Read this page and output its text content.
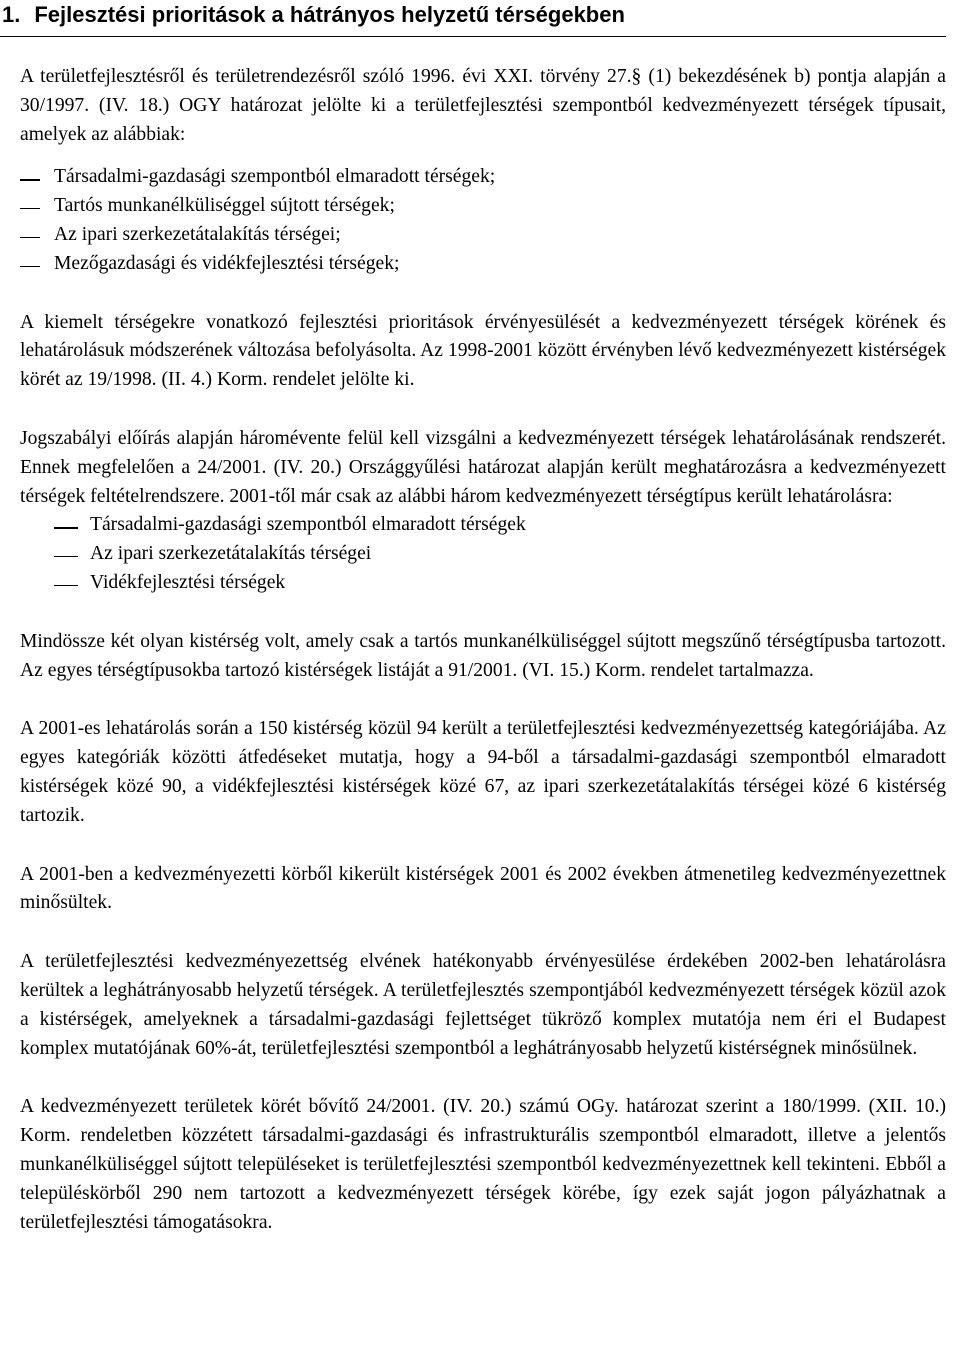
1. Fejlesztési prioritások a hátrányos helyzetű térségekben

A területfejlesztésről és területrendezésről szóló 1996. évi XXI. törvény 27.§ (1) bekezdésének b) pontja alapján a 30/1997. (IV. 18.) OGY határozat jelölte ki a területfejlesztési szempontból kedvezményezett térségek típusait, amelyek az alábbiak:

Társadalmi-gazdasági szempontból elmaradott térségek;
Tartós munkanélküliséggel sújtott térségek;
Az ipari szerkezetátalakítás térségei;
Mezőgazdasági és vidékfejlesztési térségek;

A kiemelt térségekre vonatkozó fejlesztési prioritások érvényesülését a kedvezményezett térségek körének és lehatárolásuk módszerének változása befolyásolta. Az 1998-2001 között érvényben lévő kedvezményezett kistérségek körét az 19/1998. (II. 4.) Korm. rendelet jelölte ki.

Jogszabályi előírás alapján háromévente felül kell vizsgálni a kedvezményezett térségek lehatárolásának rendszerét. Ennek megfelelően a 24/2001. (IV. 20.) Országgyűlési határozat alapján került meghatározásra a kedvezményezett térségek feltételrendszere. 2001-től már csak az alábbi három kedvezményezett térségtípus került lehatárolásra:

Társadalmi-gazdasági szempontból elmaradott térségek
Az ipari szerkezetátalakítás térségei
Vidékfejlesztési térségek

Mindössze két olyan kistérség volt, amely csak a tartós munkanélküliséggel sújtott megszűnő térségtípusba tartozott. Az egyes térségtípusokba tartozó kistérségek listáját a 91/2001. (VI. 15.) Korm. rendelet tartalmazza.

A 2001-es lehatárolás során a 150 kistérség közül 94 került a területfejlesztési kedvezményezettség kategóriájába. Az egyes kategóriák közötti átfedéseket mutatja, hogy a 94-ből a társadalmi-gazdasági szempontból elmaradott kistérségek közé 90, a vidékfejlesztési kistérségek közé 67, az ipari szerkezetátalakítás térségei közé 6 kistérség tartozik.

A 2001-ben a kedvezményezetti körből kikerült kistérségek 2001 és 2002 években átmenetileg kedvezményezettnek minősültek.

A területfejlesztési kedvezményezettség elvének hatékonyabb érvényesülése érdekében 2002-ben lehatárolásra kerültek a leghátrányosabb helyzetű térségek. A területfejlesztés szempontjából kedvezményezett térségek közül azok a kistérségek, amelyeknek a társadalmi-gazdasági fejlettséget tükröző komplex mutatója nem éri el Budapest komplex mutatójának 60%-át, területfejlesztési szempontból a leghátrányosabb helyzetű kistérségnek minősülnek.

A kedvezményezett területek körét bővítő 24/2001. (IV. 20.) számú OGy. határozat szerint a 180/1999. (XII. 10.) Korm. rendeletben közzétett társadalmi-gazdasági és infrastrukturális szempontból elmaradott, illetve a jelentős munkanélküliséggel sújtott településeket is területfejlesztési szempontból kedvezményezettnek kell tekinteni. Ebből a településkörből 290 nem tartozott a kedvezményezett térségek körébe, így ezek saját jogon pályázhatnak a területfejlesztési támogatásokra.
